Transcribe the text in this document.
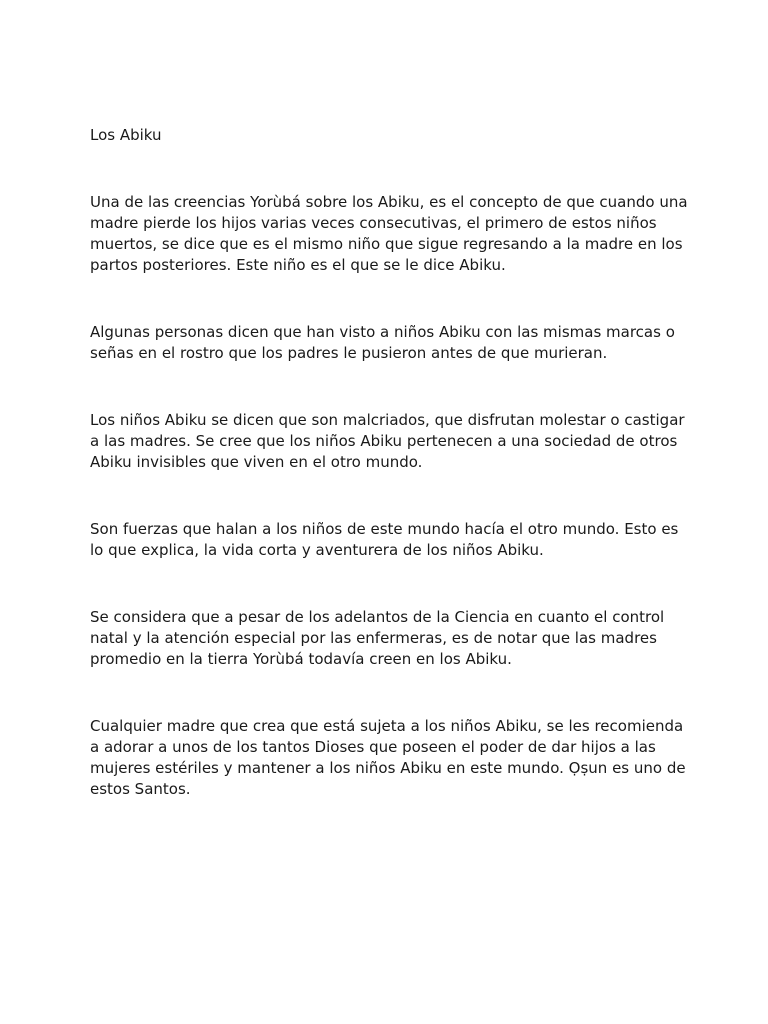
Los Abiku

Una de las creencias Yorùbá sobre los Abiku, es el concepto de que cuando una madre pierde los hijos varias veces consecutivas, el primero de estos niños muertos, se dice que es el mismo niño que sigue regresando a la madre en los partos posteriores. Este niño es el que se le dice Abiku.

Algunas personas dicen que han visto a niños Abiku con las mismas marcas o señas en el rostro que los padres le pusieron antes de que murieran.

Los niños Abiku se dicen que son malcriados, que disfrutan molestar o castigar a las madres. Se cree que los niños Abiku pertenecen a una sociedad de otros Abiku invisibles que viven en el otro mundo.

Son fuerzas que halan a los niños de este mundo hacía el otro mundo. Esto es lo que explica, la vida corta y aventurera de los niños Abiku.

Se considera que a pesar de los adelantos de la Ciencia en cuanto el control natal y la atención especial por las enfermeras, es de notar que las madres promedio en la tierra Yorùbá todavía creen en los Abiku.

Cualquier madre que crea que está sujeta a los niños Abiku, se les recomienda a adorar a unos de los tantos Dioses que poseen el poder de dar hijos a las mujeres estériles y mantener a los niños Abiku en este mundo. Ọṣun es uno de estos Santos.
